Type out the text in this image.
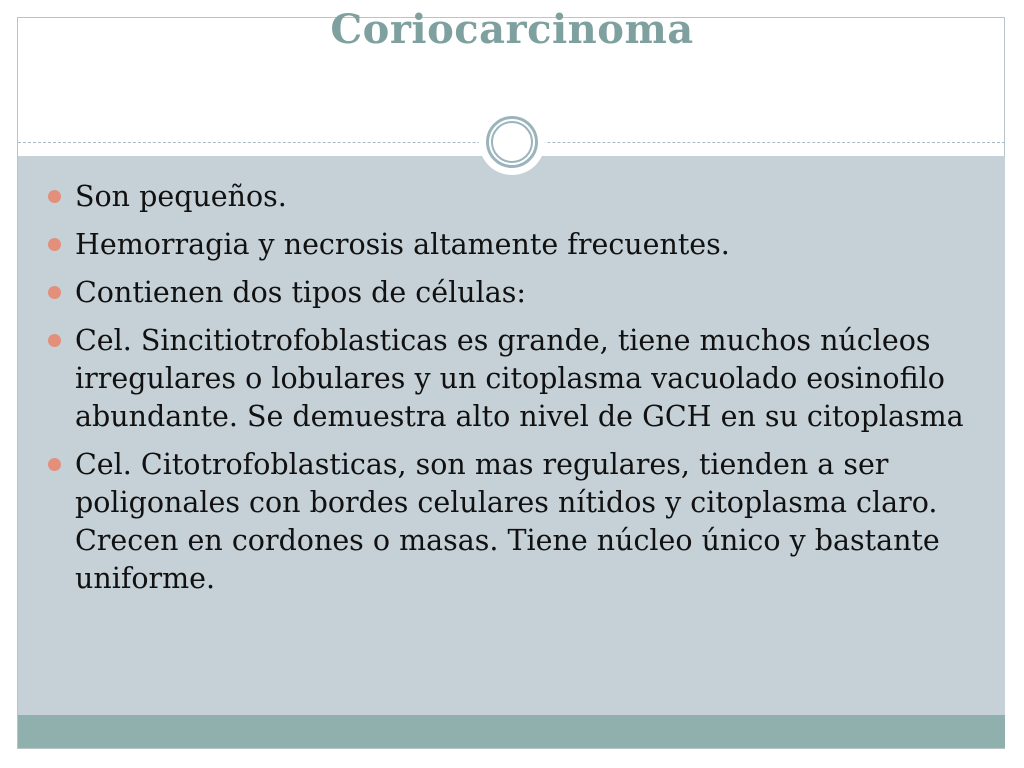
Coriocarcinoma
Son pequeños.
Hemorragia y necrosis altamente frecuentes.
Contienen dos tipos de células:
Cel. Sincitiotrofoblasticas es grande, tiene muchos núcleos irregulares o lobulares y un citoplasma vacuolado eosinofilo abundante. Se demuestra alto nivel de GCH en su citoplasma
Cel. Citotrofoblasticas, son mas regulares, tienden a ser poligonales con bordes celulares nítidos y citoplasma claro. Crecen en cordones o masas. Tiene núcleo único y bastante uniforme.
